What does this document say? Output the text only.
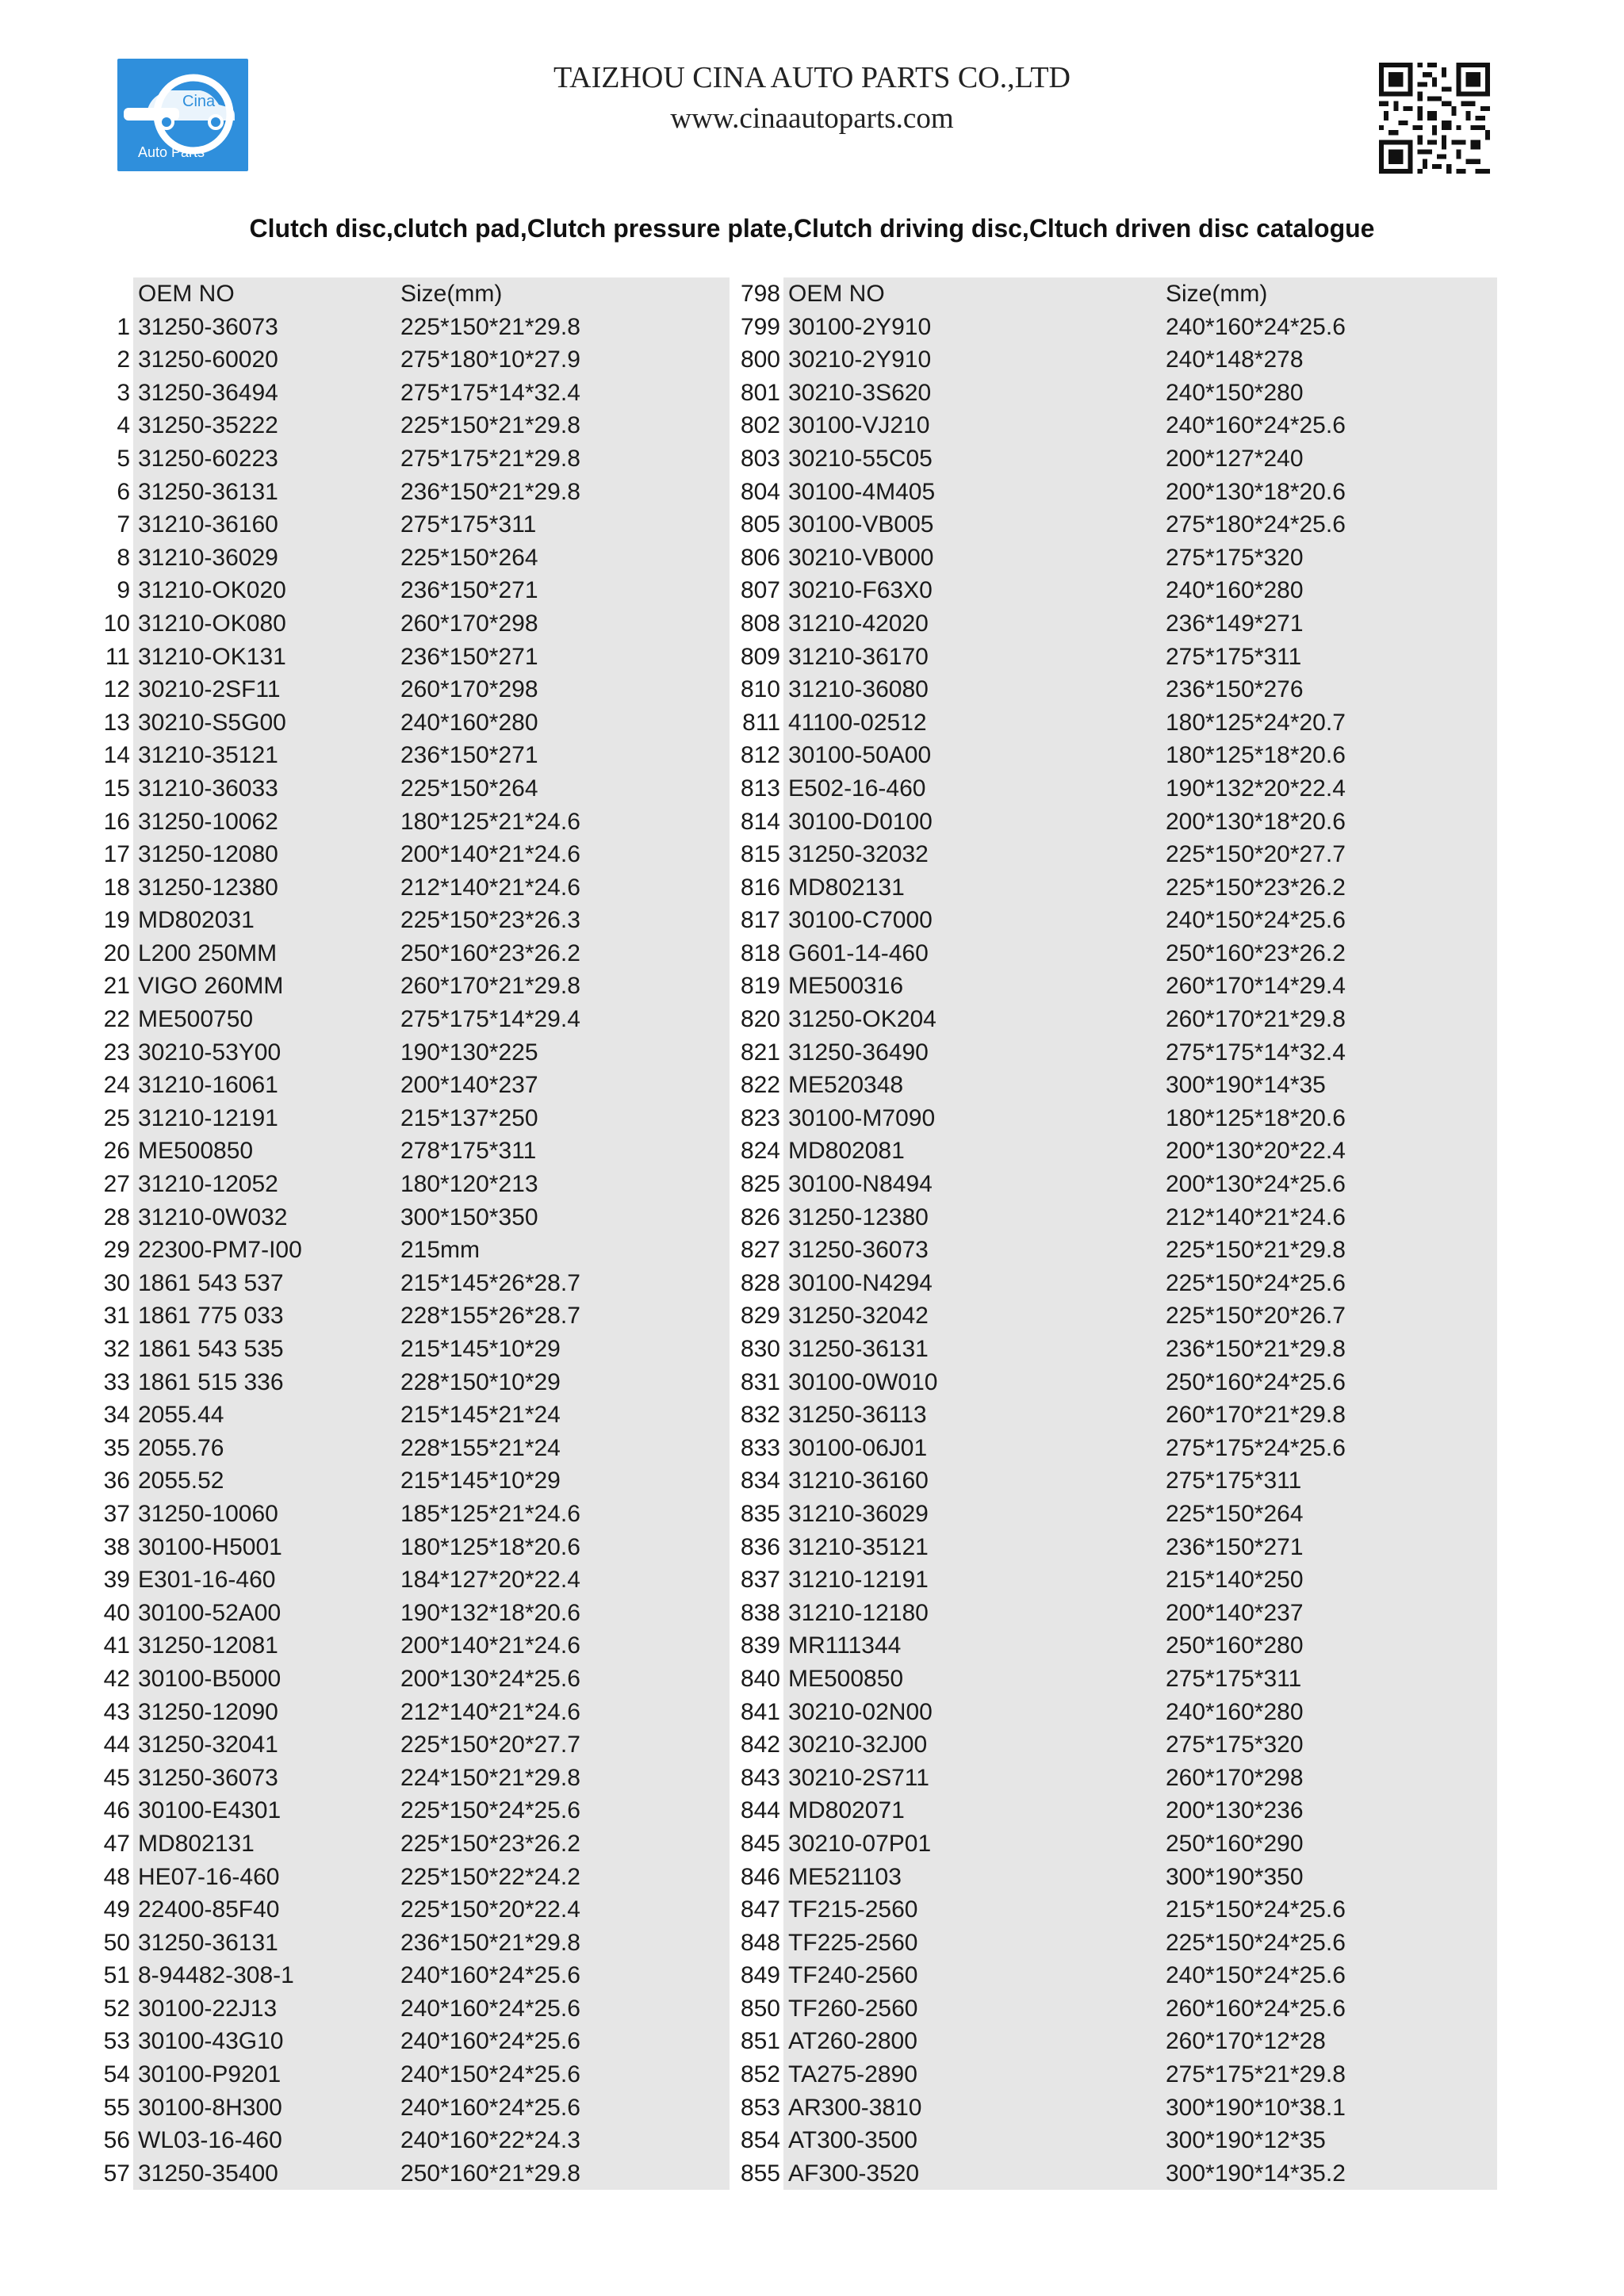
Cina
Auto Parts
TAIZHOU CINA AUTO PARTS CO.,LTD
www.cinaautoparts.com
Clutch disc,clutch pad,Clutch pressure plate,Clutch driving disc,Cltuch driven disc catalogue
OEM NO	Size(mm)
1 31250-36073	225*150*21*29.8
2 31250-60020	275*180*10*27.9
3 31250-36494	275*175*14*32.4
4 31250-35222	225*150*21*29.8
5 31250-60223	275*175*21*29.8
6 31250-36131	236*150*21*29.8
7 31210-36160	275*175*311
8 31210-36029	225*150*264
9 31210-OK020	236*150*271
10 31210-OK080	260*170*298
11 31210-OK131	236*150*271
12 30210-2SF11	260*170*298
13 30210-S5G00	240*160*280
14 31210-35121	236*150*271
15 31210-36033	225*150*264
16 31250-10062	180*125*21*24.6
17 31250-12080	200*140*21*24.6
18 31250-12380	212*140*21*24.6
19 MD802031	225*150*23*26.3
20 L200 250MM	250*160*23*26.2
21 VIGO 260MM	260*170*21*29.8
22 ME500750	275*175*14*29.4
23 30210-53Y00	190*130*225
24 31210-16061	200*140*237
25 31210-12191	215*137*250
26 ME500850	278*175*311
27 31210-12052	180*120*213
28 31210-0W032	300*150*350
29 22300-PM7-I00	215mm
30 1861 543 537	215*145*26*28.7
31 1861 775 033	228*155*26*28.7
32 1861 543 535	215*145*10*29
33 1861 515 336	228*150*10*29
34 2055.44	215*145*21*24
35 2055.76	228*155*21*24
36 2055.52	215*145*10*29
37 31250-10060	185*125*21*24.6
38 30100-H5001	180*125*18*20.6
39 E301-16-460	184*127*20*22.4
40 30100-52A00	190*132*18*20.6
41 31250-12081	200*140*21*24.6
42 30100-B5000	200*130*24*25.6
43 31250-12090	212*140*21*24.6
44 31250-32041	225*150*20*27.7
45 31250-36073	224*150*21*29.8
46 30100-E4301	225*150*24*25.6
47 MD802131	225*150*23*26.2
48 HE07-16-460	225*150*22*24.2
49 22400-85F40	225*150*20*22.4
50 31250-36131	236*150*21*29.8
51 8-94482-308-1	240*160*24*25.6
52 30100-22J13	240*160*24*25.6
53 30100-43G10	240*160*24*25.6
54 30100-P9201	240*150*24*25.6
55 30100-8H300	240*160*24*25.6
56 WL03-16-460	240*160*22*24.3
57 31250-35400	250*160*21*29.8
798 OEM NO	Size(mm)
799 30100-2Y910	240*160*24*25.6
800 30210-2Y910	240*148*278
801 30210-3S620	240*150*280
802 30100-VJ210	240*160*24*25.6
803 30210-55C05	200*127*240
804 30100-4M405	200*130*18*20.6
805 30100-VB005	275*180*24*25.6
806 30210-VB000	275*175*320
807 30210-F63X0	240*160*280
808 31210-42020	236*149*271
809 31210-36170	275*175*311
810 31210-36080	236*150*276
811 41100-02512	180*125*24*20.7
812 30100-50A00	180*125*18*20.6
813 E502-16-460	190*132*20*22.4
814 30100-D0100	200*130*18*20.6
815 31250-32032	225*150*20*27.7
816 MD802131	225*150*23*26.2
817 30100-C7000	240*150*24*25.6
818 G601-14-460	250*160*23*26.2
819 ME500316	260*170*14*29.4
820 31250-OK204	260*170*21*29.8
821 31250-36490	275*175*14*32.4
822 ME520348	300*190*14*35
823 30100-M7090	180*125*18*20.6
824 MD802081	200*130*20*22.4
825 30100-N8494	200*130*24*25.6
826 31250-12380	212*140*21*24.6
827 31250-36073	225*150*21*29.8
828 30100-N4294	225*150*24*25.6
829 31250-32042	225*150*20*26.7
830 31250-36131	236*150*21*29.8
831 30100-0W010	250*160*24*25.6
832 31250-36113	260*170*21*29.8
833 30100-06J01	275*175*24*25.6
834 31210-36160	275*175*311
835 31210-36029	225*150*264
836 31210-35121	236*150*271
837 31210-12191	215*140*250
838 31210-12180	200*140*237
839 MR111344	250*160*280
840 ME500850	275*175*311
841 30210-02N00	240*160*280
842 30210-32J00	275*175*320
843 30210-2S711	260*170*298
844 MD802071	200*130*236
845 30210-07P01	250*160*290
846 ME521103	300*190*350
847 TF215-2560	215*150*24*25.6
848 TF225-2560	225*150*24*25.6
849 TF240-2560	240*150*24*25.6
850 TF260-2560	260*160*24*25.6
851 AT260-2800	260*170*12*28
852 TA275-2890	275*175*21*29.8
853 AR300-3810	300*190*10*38.1
854 AT300-3500	300*190*12*35
855 AF300-3520	300*190*14*35.2
